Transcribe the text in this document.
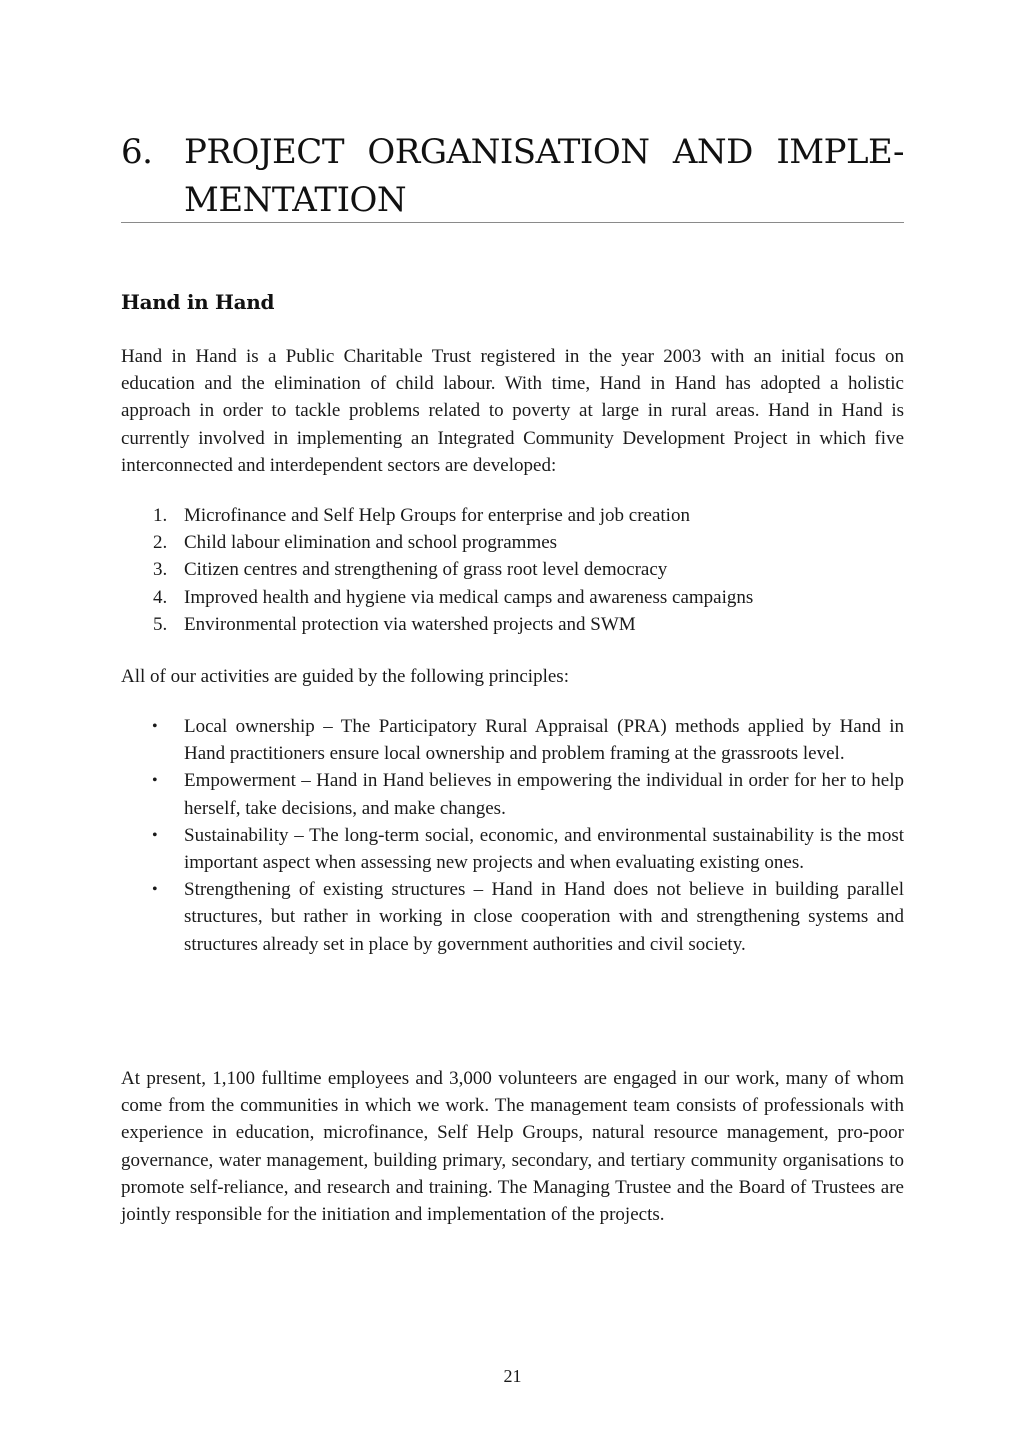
6. PROJECT ORGANISATION AND IMPLE-
MENTATION
Hand in Hand

Hand in Hand is a Public Charitable Trust registered in the year 2003 with an initial focus on education and the elimination of child labour. With time, Hand in Hand has adopted a holistic approach in order to tackle problems related to poverty at large in rural areas. Hand in Hand is currently involved in implementing an Integrated Community Development Project in which five interconnected and interdependent sectors are developed:

1. Microfinance and Self Help Groups for enterprise and job creation
2. Child labour elimination and school programmes
3. Citizen centres and strengthening of grass root level democracy
4. Improved health and hygiene via medical camps and awareness campaigns
5. Environmental protection via watershed projects and SWM

All of our activities are guided by the following principles:

• Local ownership – The Participatory Rural Appraisal (PRA) methods applied by Hand in Hand practitioners ensure local ownership and problem framing at the grassroots level.
• Empowerment – Hand in Hand believes in empowering the individual in order for her to help herself, take decisions, and make changes.
• Sustainability – The long-term social, economic, and environmental sustainability is the most important aspect when assessing new projects and when evaluating existing ones.
• Strengthening of existing structures – Hand in Hand does not believe in building parallel structures, but rather in working in close cooperation with and strengthening systems and structures already set in place by government authorities and civil society.

At present, 1,100 fulltime employees and 3,000 volunteers are engaged in our work, many of whom come from the communities in which we work. The management team consists of professionals with experience in education, microfinance, Self Help Groups, natural resource management, pro-poor governance, water management, building primary, secondary, and tertiary community organisations to promote self-reliance, and research and training. The Managing Trustee and the Board of Trustees are jointly responsible for the initiation and implementation of the projects.

21
